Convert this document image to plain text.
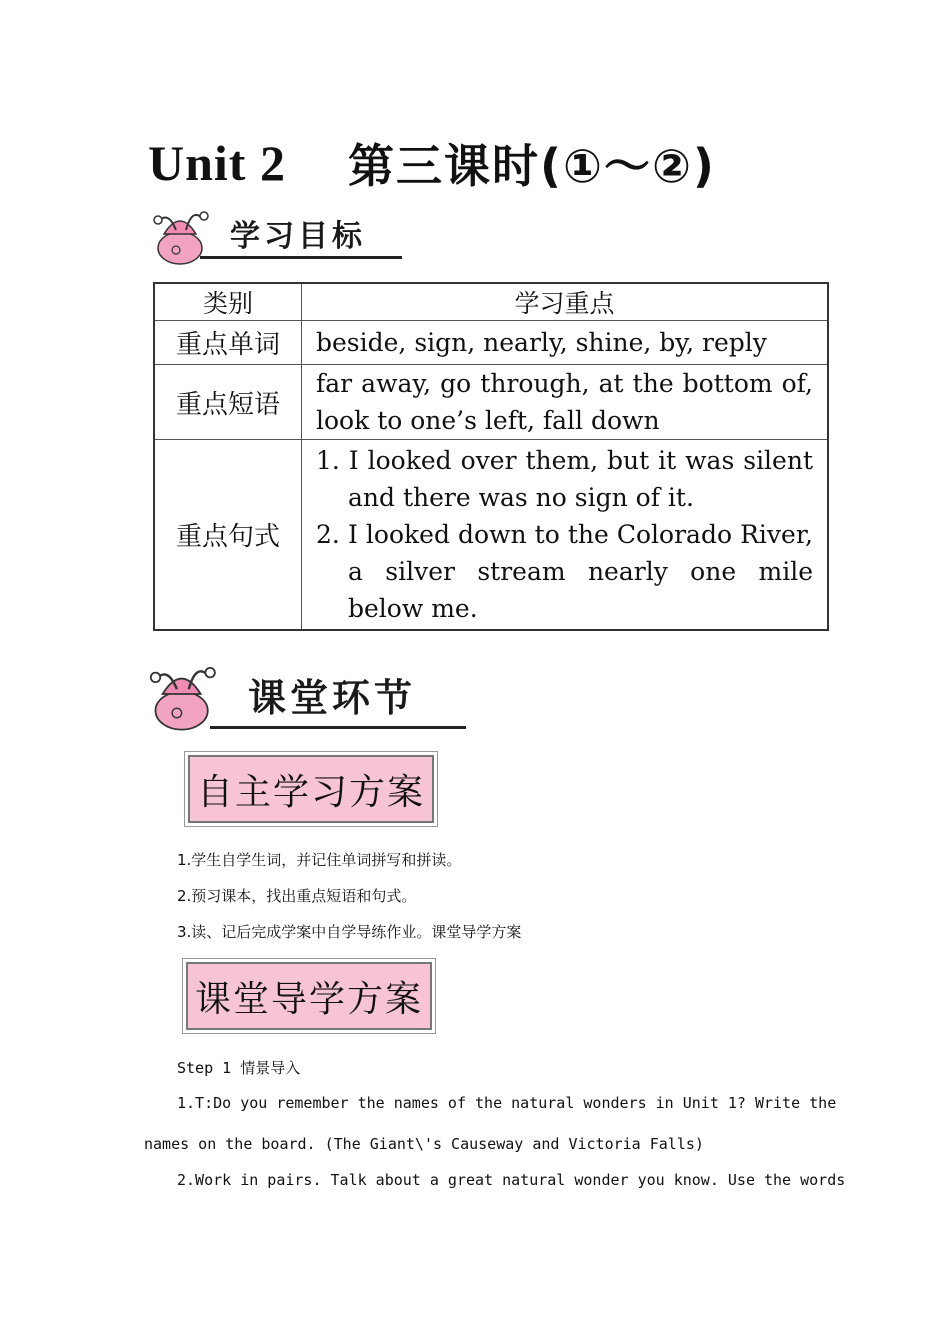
Unit 2 第三课时(①～②)
学习目标
类别	学习重点
重点单词	beside, sign, nearly, shine, by, reply
重点短语	far away, go through, at the bottom of, look to one’s left, fall down
重点句式	1. I looked over them, but it was silent and there was no sign of it.
2. I looked down to the Colorado River, a silver stream nearly one mile below me.
课堂环节
自主学习方案
1.学生自学生词，并记住单词拼写和拼读。
2.预习课本，找出重点短语和句式。
3.读、记后完成学案中自学导练作业。课堂导学方案
课堂导学方案
Step 1 情景导入
1.T:Do you remember the names of the natural wonders in Unit 1? Write the
names on the board. (The Giant\'s Causeway and Victoria Falls)
2.Work in pairs. Talk about a great natural wonder you know. Use the words
